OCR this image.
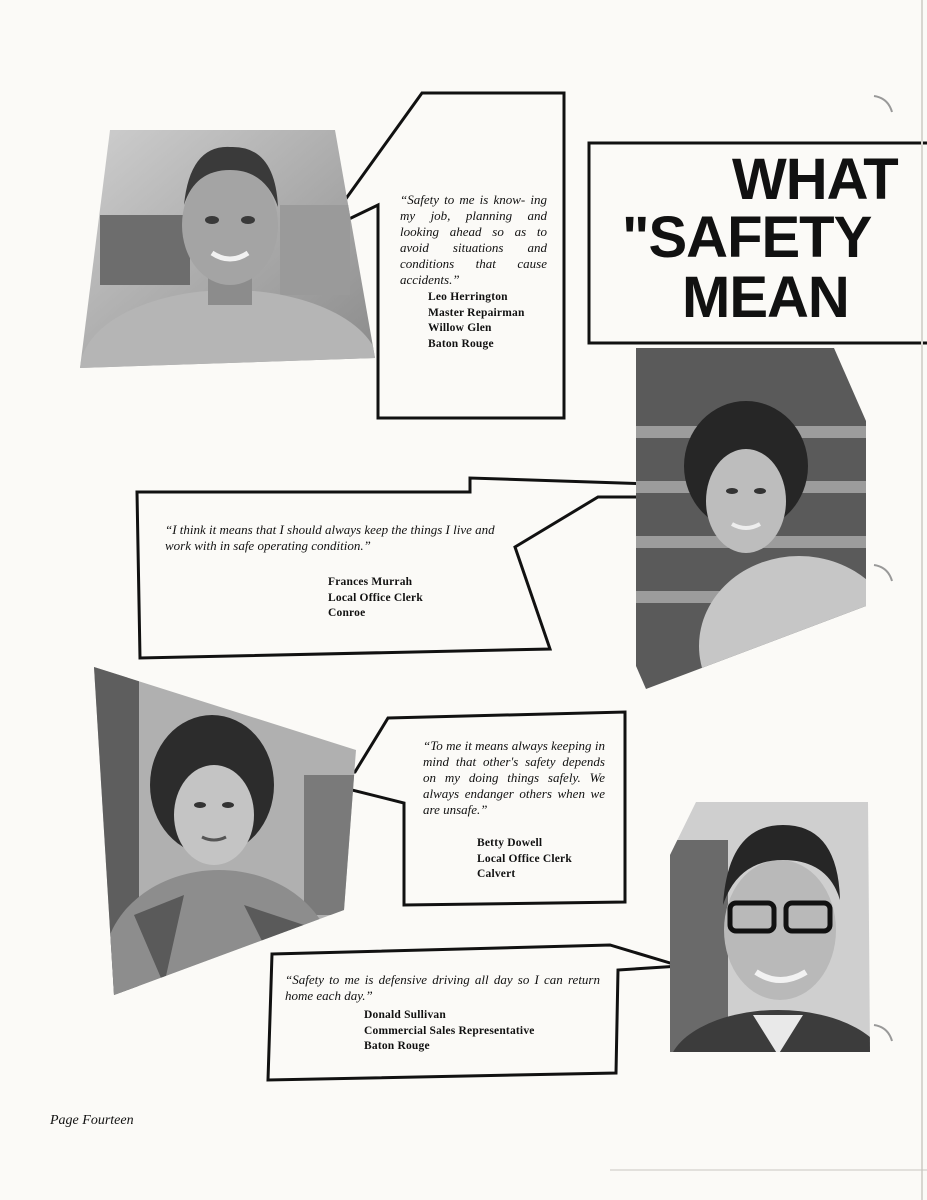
WHAT
"SAFETY
MEAN

“Safety to me is know- ing my job, planning and looking ahead so as to avoid situations and conditions that cause accidents.”

Leo Herrington
Master Repairman
Willow Glen
Baton Rouge

“I think it means that I should always keep the things I live and work with in safe operating condition.”

Frances Murrah
Local Office Clerk
Conroe

“To me it means always keeping in mind that other's safety depends on my doing things safely. We always endanger others when we are unsafe.”

Betty Dowell
Local Office Clerk
Calvert

“Safety to me is defensive driving all day so I can return home each day.”

Donald Sullivan
Commercial Sales Representative
Baton Rouge
Page Fourteen
